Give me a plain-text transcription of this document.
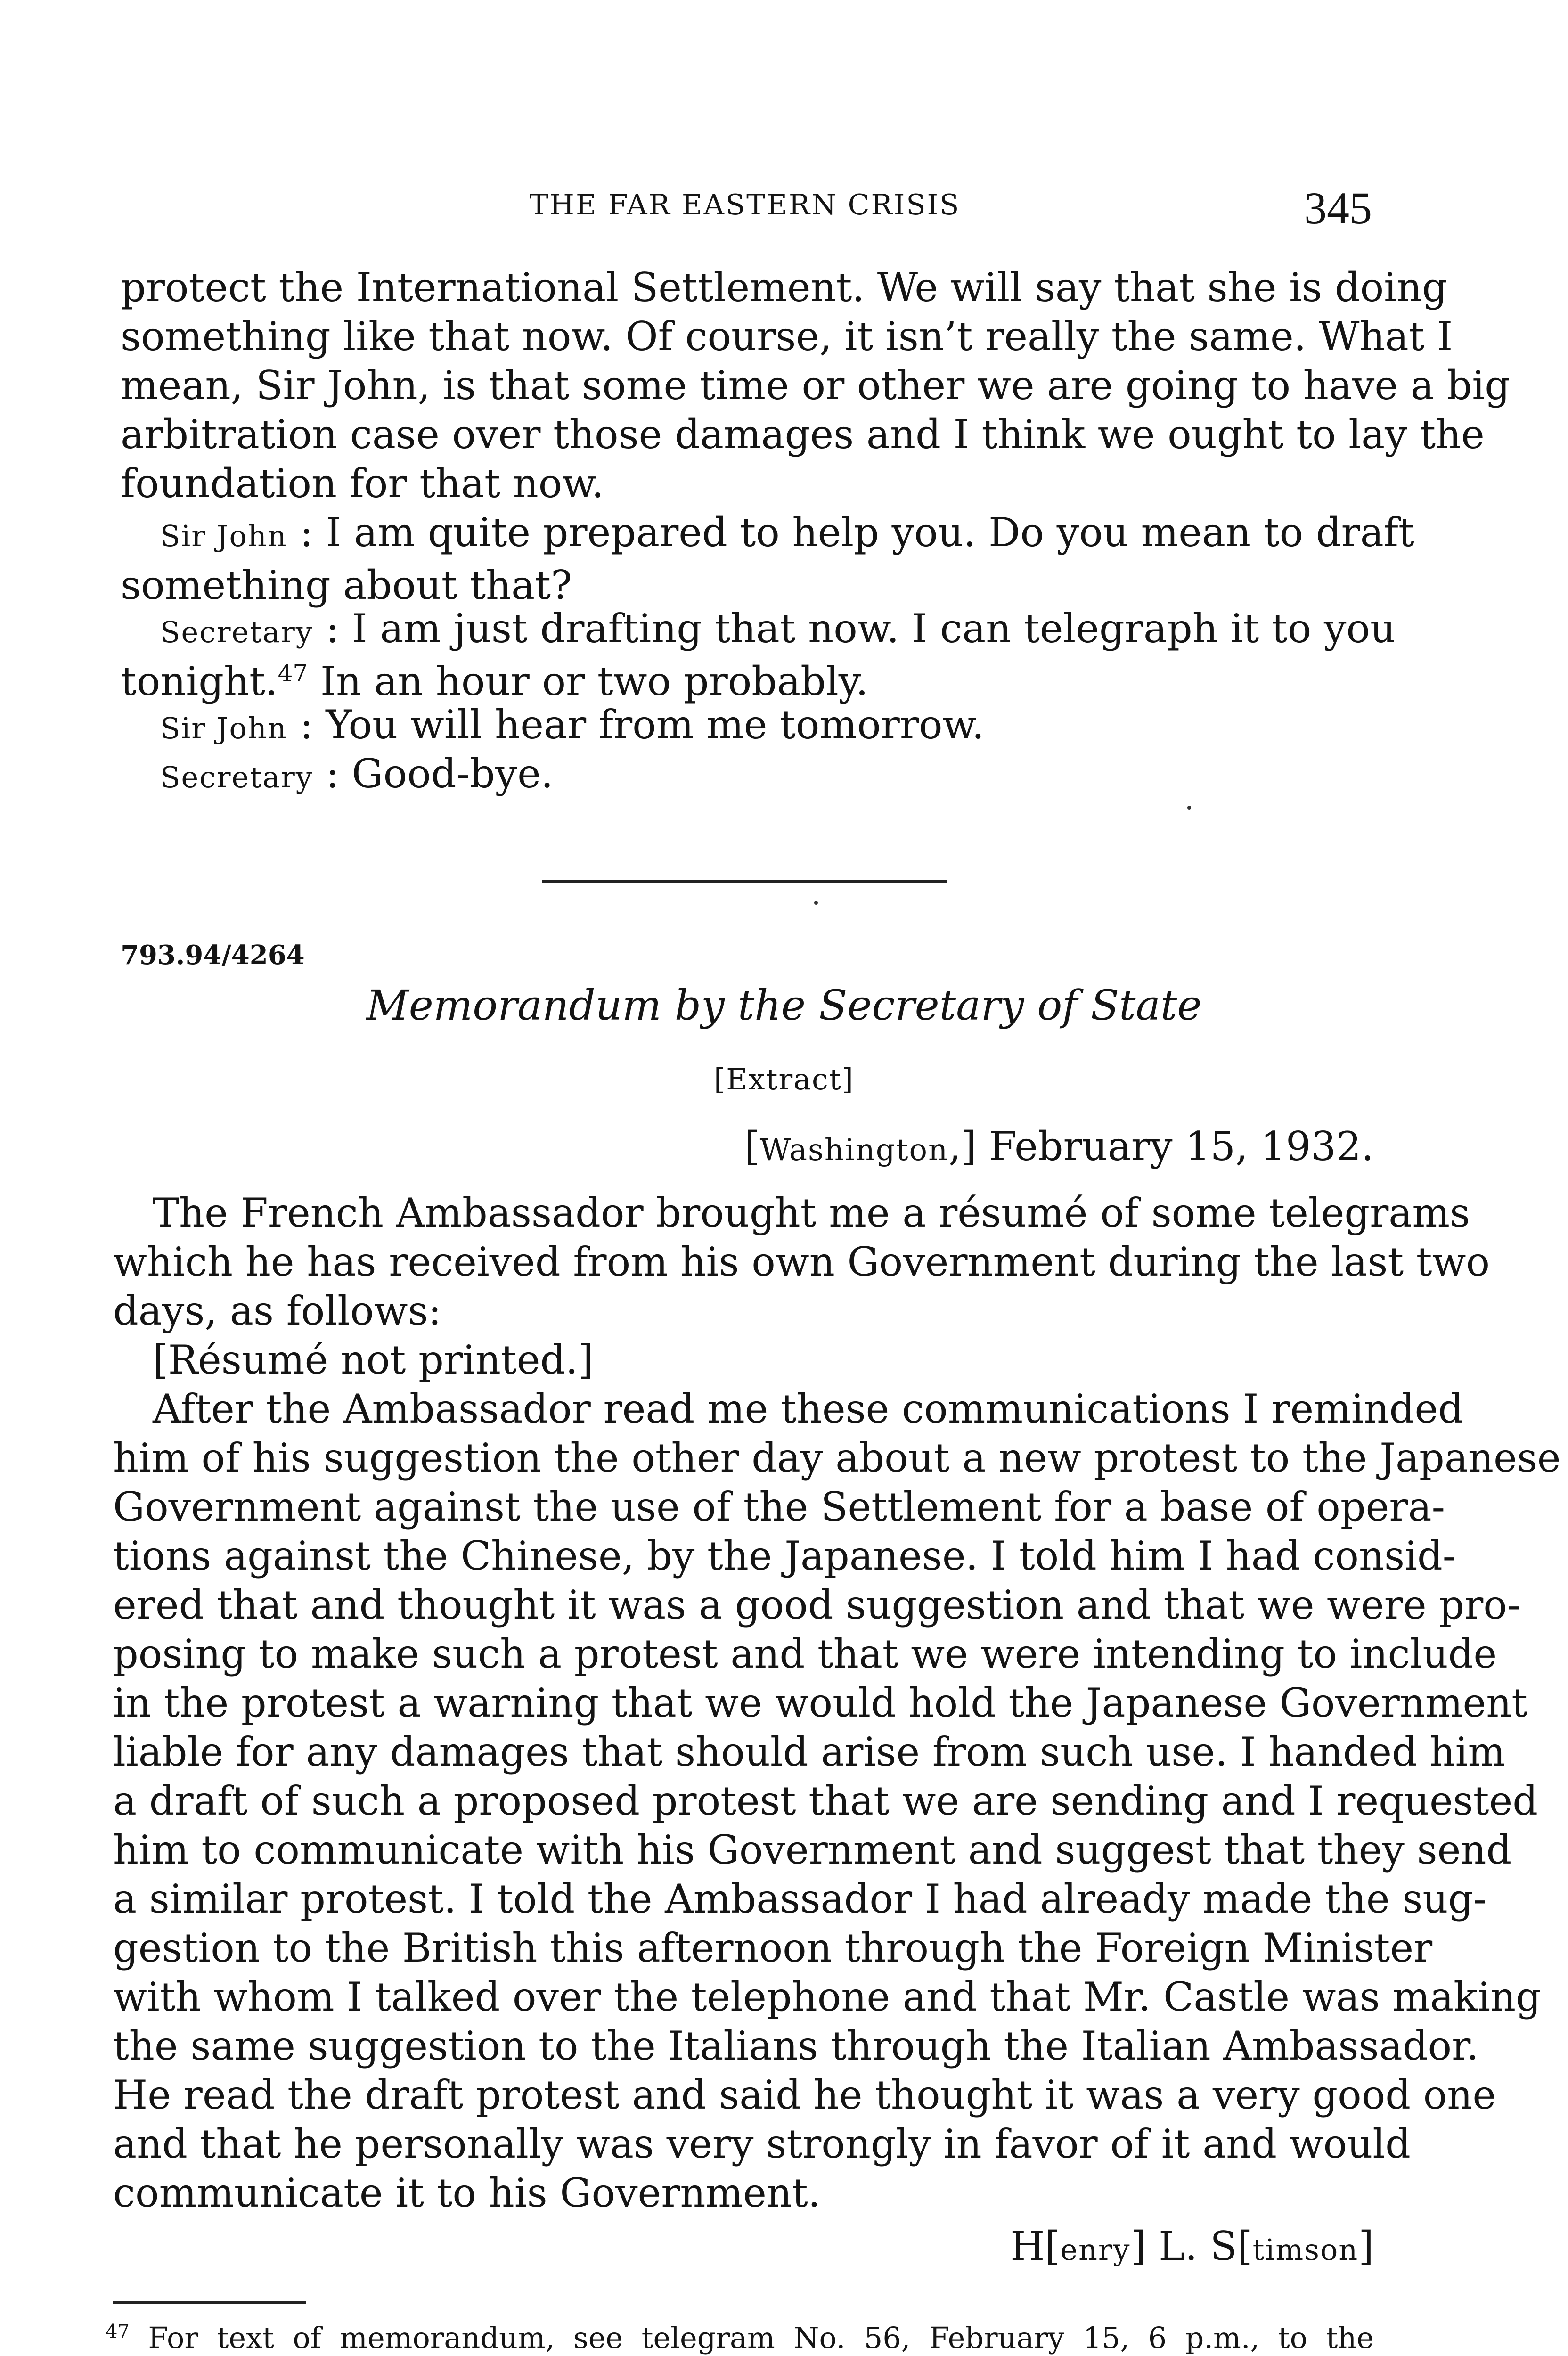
THE FAR EASTERN CRISIS	345
protect the International Settlement. We will say that she is doing
something like that now. Of course, it isn’t really the same. What I
mean, Sir John, is that some time or other we are going to have a big
arbitration case over those damages and I think we ought to lay the
foundation for that now.
Sir John : I am quite prepared to help you. Do you mean to draft
something about that?
Secretary : I am just drafting that now. I can telegraph it to you
tonight.$^{47}$ In an hour or two probably.
Sir John : You will hear from me tomorrow.
Secretary : Good-bye.
793.94/4264
Memorandum by the Secretary of State
[Extract]
[Washington,] February 15, 1932.
The French Ambassador brought me a résumé of some telegrams
which he has received from his own Government during the last two
days, as follows:
[Résumé not printed.]
After the Ambassador read me these communications I reminded
him of his suggestion the other day about a new protest to the Japanese
Government against the use of the Settlement for a base of opera-
tions against the Chinese, by the Japanese. I told him I had consid-
ered that and thought it was a good suggestion and that we were pro-
posing to make such a protest and that we were intending to include
in the protest a warning that we would hold the Japanese Government
liable for any damages that should arise from such use. I handed him
a draft of such a proposed protest that we are sending and I requested
him to communicate with his Government and suggest that they send
a similar protest. I told the Ambassador I had already made the sug-
gestion to the British this afternoon through the Foreign Minister
with whom I talked over the telephone and that Mr. Castle was making
the same suggestion to the Italians through the Italian Ambassador.
He read the draft protest and said he thought it was a very good one
and that he personally was very strongly in favor of it and would
communicate it to his Government.
H[enry] L. S[timson]
$^{47}$ For text of memorandum, see telegram No. 56, February 15, 6 p.m., to the
